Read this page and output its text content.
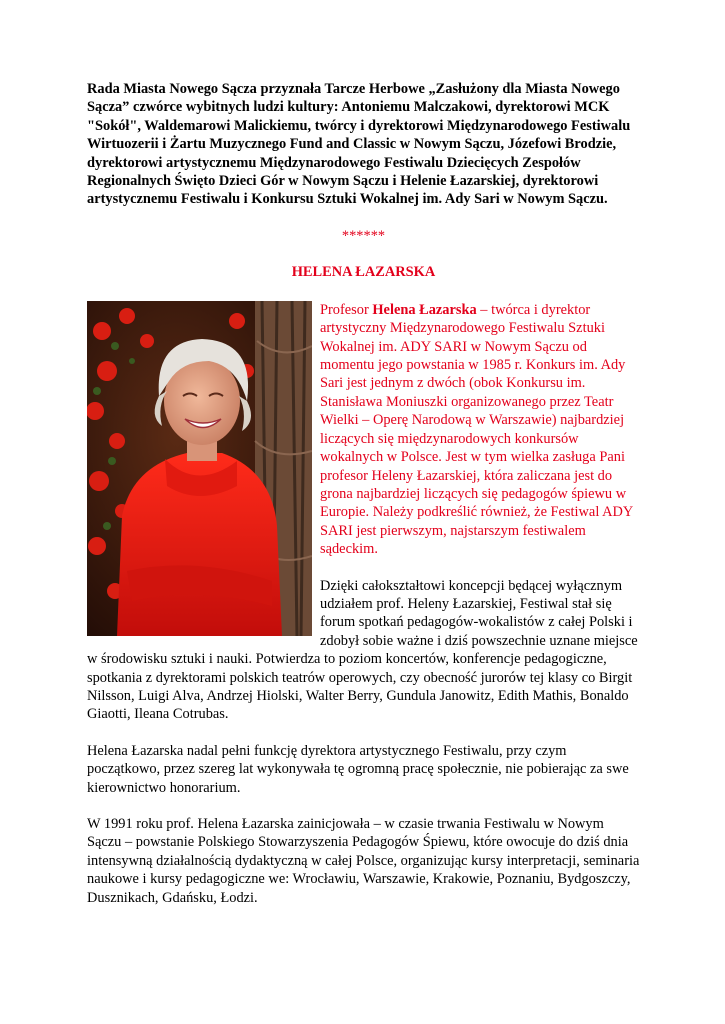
Rada Miasta Nowego Sącza przyznała Tarcze Herbowe „Zasłużony dla Miasta Nowego Sącza” czwórce wybitnych ludzi kultury: Antoniemu Malczakowi, dyrektorowi MCK "Sokół", Waldemarowi Malickiemu, twórcy i dyrektorowi Międzynarodowego Festiwalu Wirtuozerii i Żartu Muzycznego Fund and Classic w Nowym Sączu, Józefowi Brodzie, dyrektorowi artystycznemu Międzynarodowego Festiwalu Dziecięcych Zespołów Regionalnych Święto Dzieci Gór w Nowym Sączu i Helenie Łazarskiej, dyrektorowi artystycznemu Festiwalu i Konkursu Sztuki Wokalnej im. Ady Sari w Nowym Sączu.

******

HELENA ŁAZARSKA

Profesor Helena Łazarska – twórca i dyrektor artystyczny Międzynarodowego Festiwalu Sztuki Wokalnej im. ADY SARI w Nowym Sączu od momentu jego powstania w 1985 r. Konkurs im. Ady Sari jest jednym z dwóch (obok Konkursu im. Stanisława Moniuszki organizowanego przez Teatr Wielki – Operę Narodową w Warszawie) najbardziej liczących się międzynarodowych konkursów wokalnych w Polsce. Jest w tym wielka zasługa Pani profesor Heleny Łazarskiej, która zaliczana jest do grona najbardziej liczących się pedagogów śpiewu w Europie. Należy podkreślić również, że Festiwal ADY SARI jest pierwszym, najstarszym festiwalem sądeckim.

Dzięki całokształtowi koncepcji będącej wyłącznym udziałem prof. Heleny Łazarskiej, Festiwal stał się forum spotkań pedagogów-wokalistów z całej Polski i zdobył sobie ważne i dziś powszechnie uznane miejsce w środowisku sztuki i nauki. Potwierdza to poziom koncertów, konferencje pedagogiczne, spotkania z dyrektorami polskich teatrów operowych, czy obecność jurorów tej klasy co Birgit Nilsson, Luigi Alva, Andrzej Hiolski, Walter Berry, Gundula Janowitz, Edith Mathis, Bonaldo Giaotti, Ileana Cotrubas.

Helena Łazarska nadal pełni funkcję dyrektora artystycznego Festiwalu, przy czym początkowo, przez szereg lat wykonywała tę ogromną pracę społecznie, nie pobierając za swe kierownictwo honorarium.

W 1991 roku prof. Helena Łazarska zainicjowała – w czasie trwania Festiwalu w Nowym Sączu – powstanie Polskiego Stowarzyszenia Pedagogów Śpiewu, które owocuje do dziś dnia intensywną działalnością dydaktyczną w całej Polsce, organizując kursy interpretacji, seminaria naukowe i kursy pedagogiczne we: Wrocławiu, Warszawie, Krakowie, Poznaniu, Bydgoszczy, Dusznikach, Gdańsku, Łodzi.
